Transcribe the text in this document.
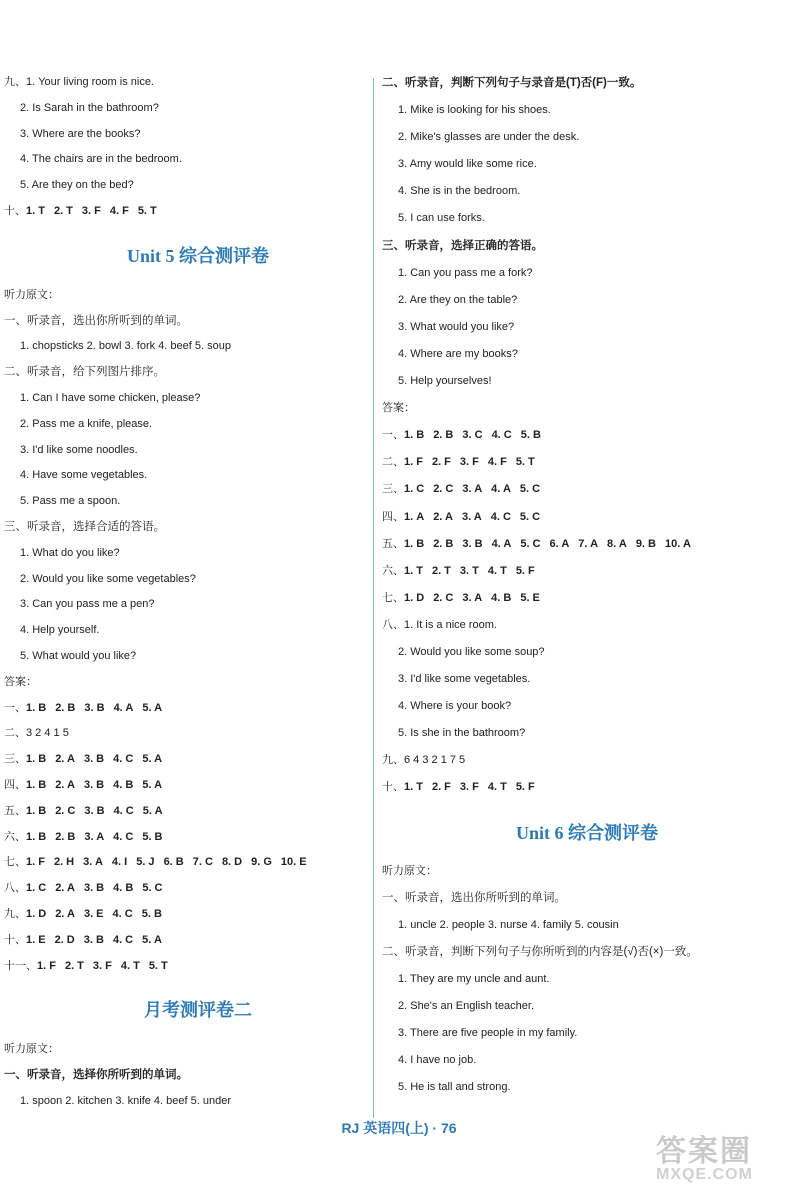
九、1. Your living room is nice.
2. Is Sarah in the bathroom?
3. Where are the books?
4. The chairs are in the bedroom.
5. Are they on the bed?
十、1. T 2. T 3. F 4. F 5. T
Unit 5 综合测评卷
听力原文：
一、听录音，选出你所听到的单词。
1. chopsticks 2. bowl 3. fork 4. beef 5. soup
二、听录音，给下列图片排序。
1. Can I have some chicken, please?
2. Pass me a knife, please.
3. I'd like some noodles.
4. Have some vegetables.
5. Pass me a spoon.
三、听录音，选择合适的答语。
1. What do you like?
2. Would you like some vegetables?
3. Can you pass me a pen?
4. Help yourself.
5. What would you like?
答案：
一、1. B 2. B 3. B 4. A 5. A
二、3 2 4 1 5
三、1. B 2. A 3. B 4. C 5. A
四、1. B 2. A 3. B 4. B 5. A
五、1. B 2. C 3. B 4. C 5. A
六、1. B 2. B 3. A 4. C 5. B
七、1. F 2. H 3. A 4. I 5. J 6. B 7. C 8. D 9. G 10. E
八、1. C 2. A 3. B 4. B 5. C
九、1. D 2. A 3. E 4. C 5. B
十、1. E 2. D 3. B 4. C 5. A
十一、1. F 2. T 3. F 4. T 5. T
月考测评卷二
听力原文：
一、听录音，选择你所听到的单词。
1. spoon 2. kitchen 3. knife 4. beef 5. under
二、听录音，判断下列句子与录音是(T)否(F)一致。
1. Mike is looking for his shoes.
2. Mike's glasses are under the desk.
3. Amy would like some rice.
4. She is in the bedroom.
5. I can use forks.
三、听录音，选择正确的答语。
1. Can you pass me a fork?
2. Are they on the table?
3. What would you like?
4. Where are my books?
5. Help yourselves!
答案：
一、1. B 2. B 3. C 4. C 5. B
二、1. F 2. F 3. F 4. F 5. T
三、1. C 2. C 3. A 4. A 5. C
四、1. A 2. A 3. A 4. C 5. C
五、1. B 2. B 3. B 4. A 5. C 6. A 7. A 8. A 9. B 10. A
六、1. T 2. T 3. T 4. T 5. F
七、1. D 2. C 3. A 4. B 5. E
八、1. It is a nice room.
2. Would you like some soup?
3. I'd like some vegetables.
4. Where is your book?
5. Is she in the bathroom?
九、6 4 3 2 1 7 5
十、1. T 2. F 3. F 4. T 5. F
Unit 6 综合测评卷
听力原文：
一、听录音，选出你所听到的单词。
1. uncle 2. people 3. nurse 4. family 5. cousin
二、听录音，判断下列句子与你所听到的内容是(√)否(×)一致。
1. They are my uncle and aunt.
2. She's an English teacher.
3. There are five people in my family.
4. I have no job.
5. He is tall and strong.
RJ 英语四(上) · 76
答案圈
MXQE.COM
